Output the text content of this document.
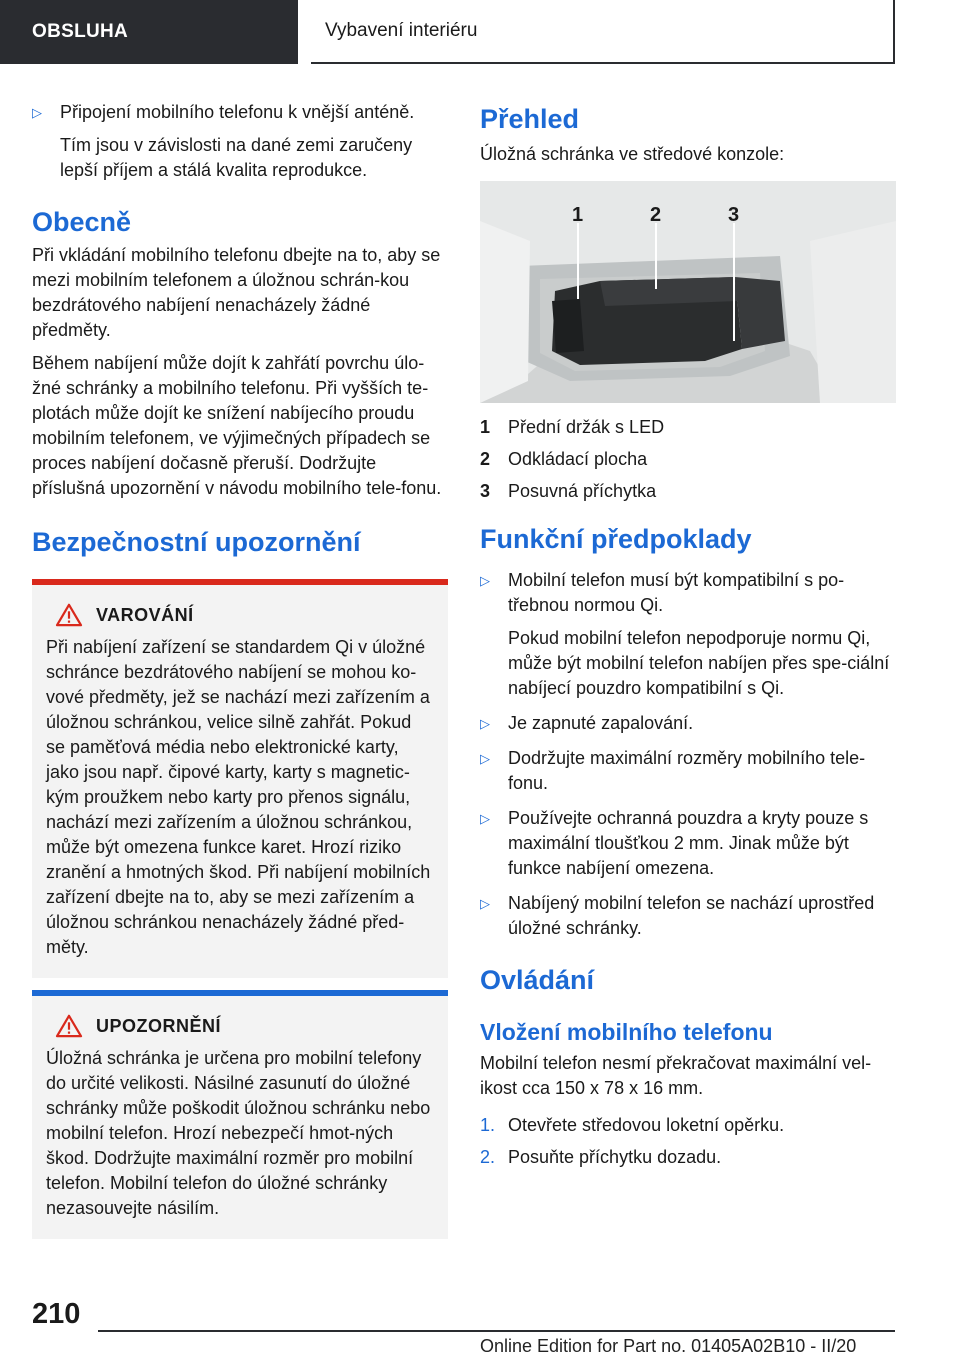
OBSLUHA	Vybavení interiéru
▷	Připojení mobilního telefonu k vnější anténě.

Tím jsou v závislosti na dané zemi zaručeny lepší příjem a stálá kvalita reprodukce.

Obecně

Při vkládání mobilního telefonu dbejte na to, aby se mezi mobilním telefonem a úložnou schrán-kou bezdrátového nabíjení nenacházely žádné předměty.

Během nabíjení může dojít k zahřátí povrchu úlo-žné schránky a mobilního telefonu. Při vyšších te-plotách může dojít ke snížení nabíjecího proudu mobilním telefonem, ve výjimečných případech se proces nabíjení dočasně přeruší. Dodržujte příslušná upozornění v návodu mobilního tele-fonu.

Bezpečnostní upozornění
VAROVÁNÍ

Při nabíjení zařízení se standardem Qi v úložné schránce bezdrátového nabíjení se mohou ko-vové předměty, jež se nachází mezi zařízením a úložnou schránkou, velice silně zahřát. Pokud se paměťová média nebo elektronické karty, jako jsou např. čipové karty, karty s magnetic-kým proužkem nebo karty pro přenos signálu, nachází mezi zařízením a úložnou schránkou, může být omezena funkce karet. Hrozí riziko zranění a hmotných škod. Při nabíjení mobilních zařízení dbejte na to, aby se mezi zařízením a úložnou schránkou nenacházely žádné před-měty.

UPOZORNĚNÍ

Úložná schránka je určena pro mobilní telefony do určité velikosti. Násilné zasunutí do úložné schránky může poškodit úložnou schránku nebo mobilní telefon. Hrozí nebezpečí hmot-ných škod. Dodržujte maximální rozměr pro mobilní telefon. Mobilní telefon do úložné schránky nezasouvejte násilím.

Přehled

Úložná schránka ve středové konzole:

1	2	3
1 Přední držák s LED

2 Odkládací plocha

3 Posuvná příchytka

Funkční předpoklady
▷	Mobilní telefon musí být kompatibilní s po-třebnou normou Qi.

Pokud mobilní telefon nepodporuje normu Qi, může být mobilní telefon nabíjen přes spe-ciální nabíjecí pouzdro kompatibilní s Qi.

▷	Je zapnuté zapalování.

▷	Dodržujte maximální rozměry mobilního tele-fonu.

▷	Používejte ochranná pouzdra a kryty pouze s maximální tloušťkou 2 mm. Jinak může být funkce nabíjení omezena.

▷	Nabíjený mobilní telefon se nachází uprostřed úložné schránky.

Ovládání
Vložení mobilního telefonu

Mobilní telefon nesmí překračovat maximální vel-ikost cca 150 x 78 x 16 mm.

1. Otevřete středovou loketní opěrku.

2. Posuňte příchytku dozadu.

210
Online Edition for Part no. 01405A02B10 - II/20
